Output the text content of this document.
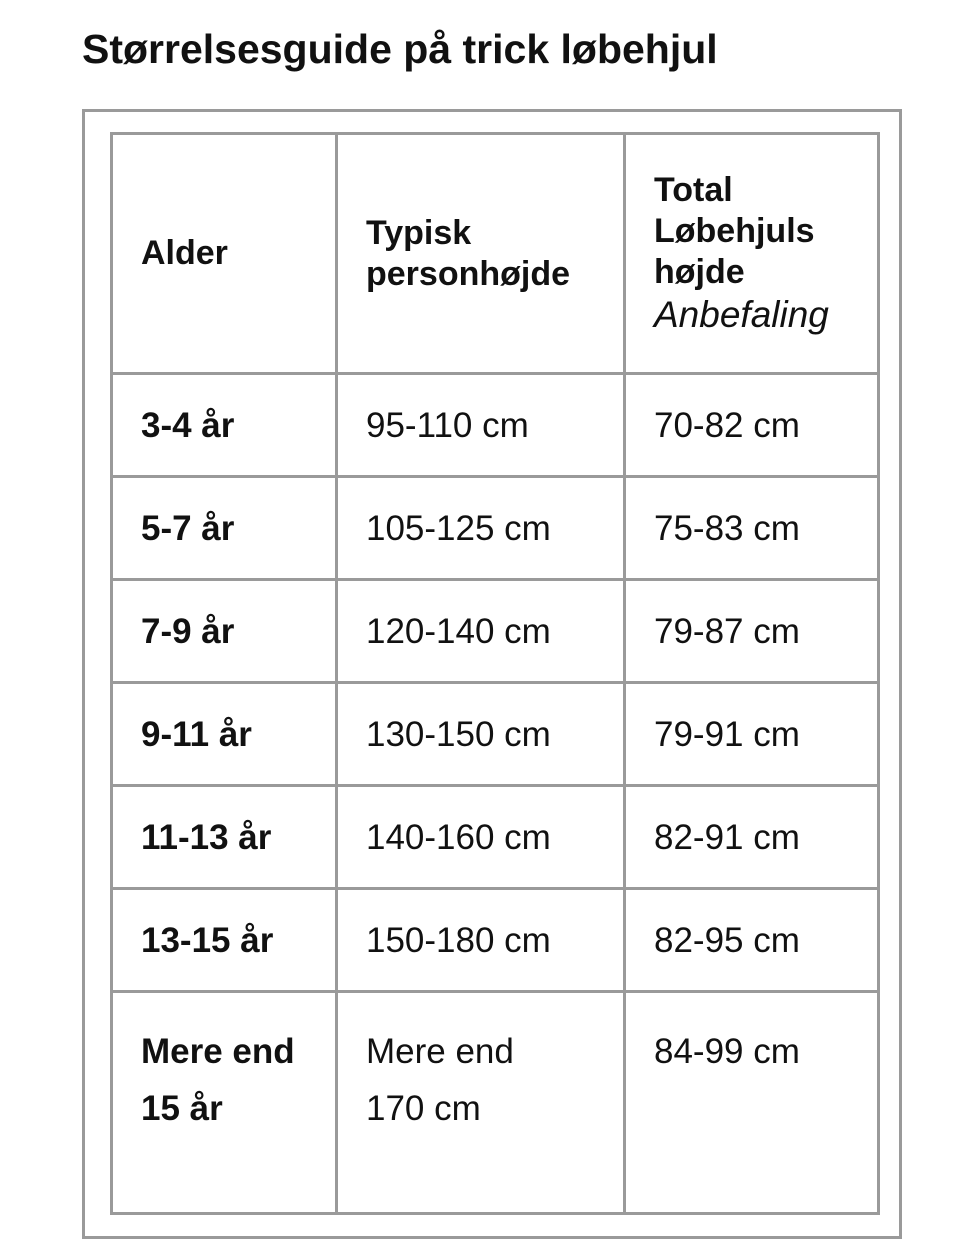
Størrelsesguide på trick løbehjul
Alder	Typisk personhøjde	Total Løbehjuls højde
Anbefaling

3-4 år	95-110 cm	70-82 cm
5-7 år	105-125 cm	75-83 cm
7-9 år	120-140 cm	79-87 cm
9-11 år	130-150 cm	79-91 cm
11-13 år	140-160 cm	82-91 cm
13-15 år	150-180 cm	82-95 cm
Mere end 15 år	Mere end 170 cm	84-99 cm
